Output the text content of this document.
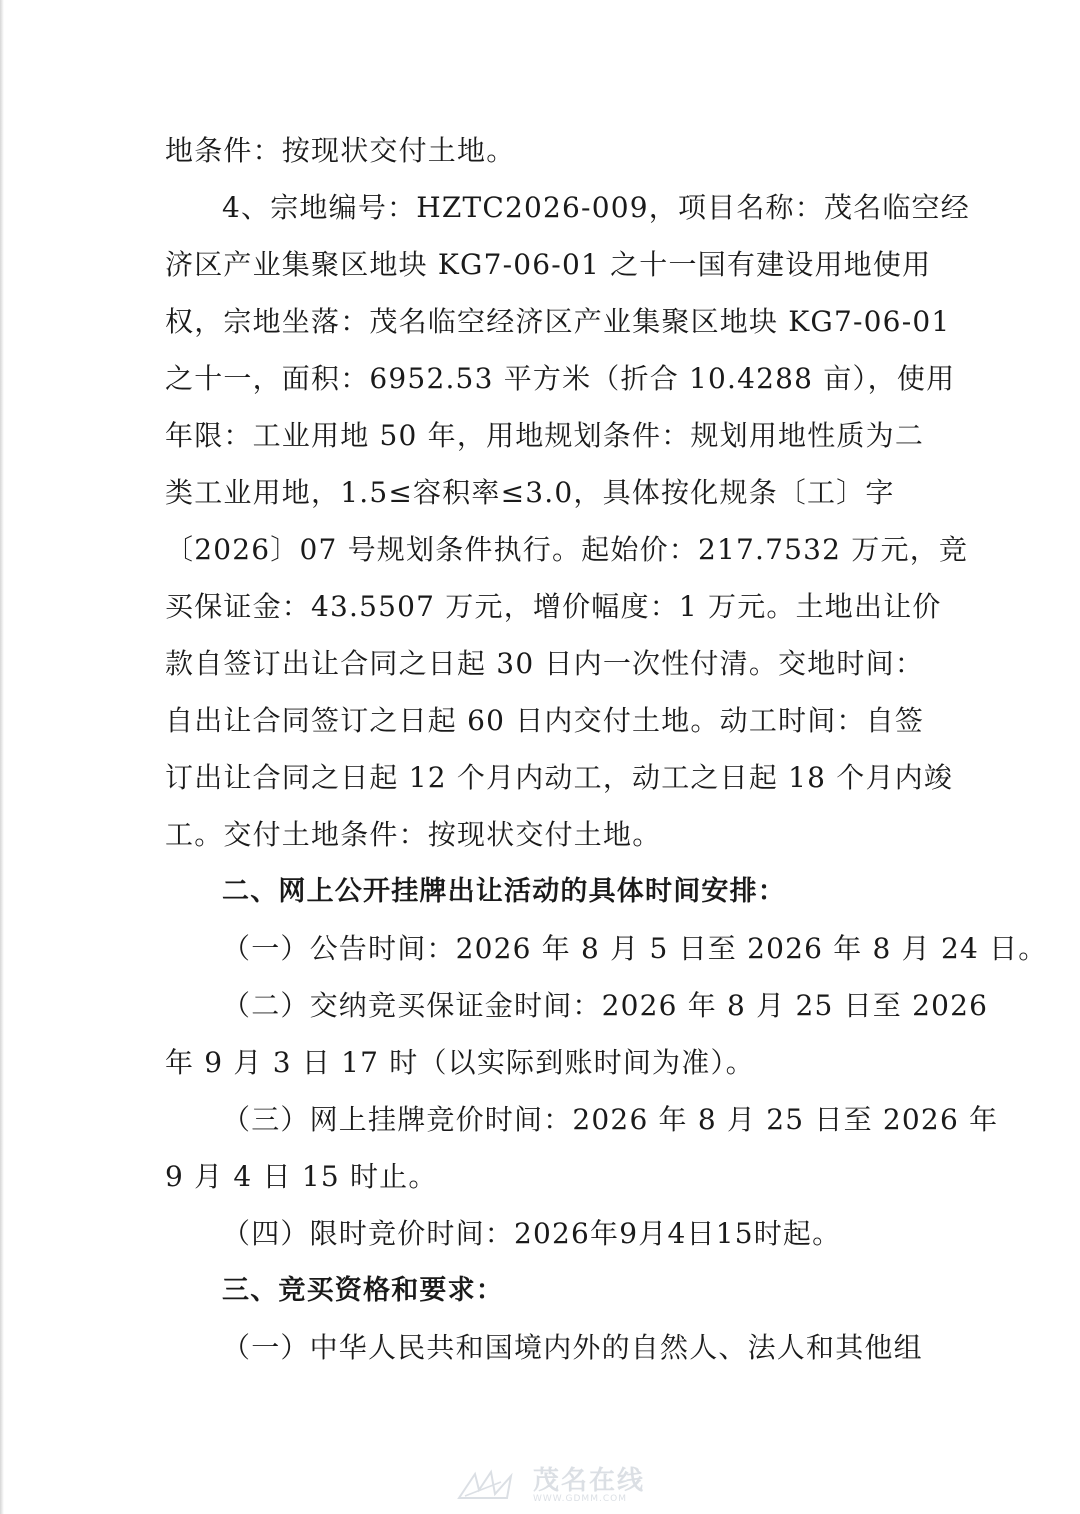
地条件：按现状交付土地。
4、宗地编号：HZTC2026-009，项目名称：茂名临空经
济区产业集聚区地块 KG7-06-01 之十一国有建设用地使用
权，宗地坐落：茂名临空经济区产业集聚区地块 KG7-06-01
之十一，面积：6952.53 平方米（折合 10.4288 亩），使用
年限：工业用地 50 年，用地规划条件：规划用地性质为二
类工业用地，1.5≤容积率≤3.0，具体按化规条〔工〕字
〔2026〕07 号规划条件执行。起始价：217.7532 万元，竞
买保证金：43.5507 万元，增价幅度：1 万元。土地出让价
款自签订出让合同之日起 30 日内一次性付清。交地时间：
自出让合同签订之日起 60 日内交付土地。动工时间：自签
订出让合同之日起 12 个月内动工，动工之日起 18 个月内竣
工。交付土地条件：按现状交付土地。
二、网上公开挂牌出让活动的具体时间安排：
（一）公告时间：2026 年 8 月 5 日至 2026 年 8 月 24 日。
（二）交纳竞买保证金时间：2026 年 8 月 25 日至 2026
年 9 月 3 日 17 时（以实际到账时间为准）。
（三）网上挂牌竞价时间：2026 年 8 月 25 日至 2026 年
9 月 4 日 15 时止。
（四）限时竞价时间：2026年9月4日15时起。
三、竞买资格和要求：
（一）中华人民共和国境内外的自然人、法人和其他组
茂名在线
WWW.GDMM.COM
